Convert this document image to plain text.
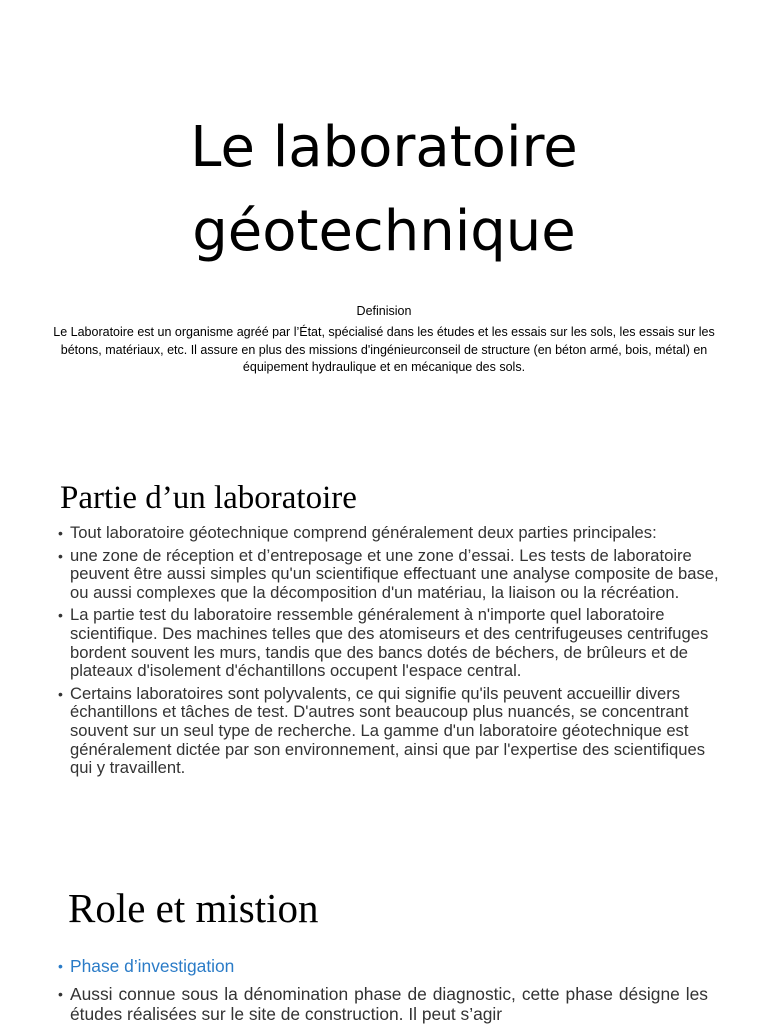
Le laboratoire
géotechnique

Definision

Le Laboratoire est un organisme agréé par l’État, spécialisé dans les études et les essais sur les sols, les essais sur les bétons, matériaux, etc. Il assure en plus des missions d'ingénieurconseil de structure (en béton armé, bois, métal) en équipement hydraulique et en mécanique des sols.

Partie d’un laboratoire
• Tout laboratoire géotechnique comprend généralement deux parties principales:
• une zone de réception et d’entreposage et une zone d’essai. Les tests de laboratoire peuvent être aussi simples qu'un scientifique effectuant une analyse composite de base, ou aussi complexes que la décomposition d'un matériau, la liaison ou la récréation.
• La partie test du laboratoire ressemble généralement à n'importe quel laboratoire scientifique. Des machines telles que des atomiseurs et des centrifugeuses centrifuges bordent souvent les murs, tandis que des bancs dotés de béchers, de brûleurs et de plateaux d'isolement d'échantillons occupent l'espace central.
• Certains laboratoires sont polyvalents, ce qui signifie qu'ils peuvent accueillir divers échantillons et tâches de test. D'autres sont beaucoup plus nuancés, se concentrant souvent sur un seul type de recherche. La gamme d'un laboratoire géotechnique est généralement dictée par son environnement, ainsi que par l'expertise des scientifiques qui y travaillent.
Role et mistion
• Phase d’investigation
• Aussi connue sous la dénomination phase de diagnostic, cette phase désigne les études réalisées sur le site de construction. Il peut s’agir
